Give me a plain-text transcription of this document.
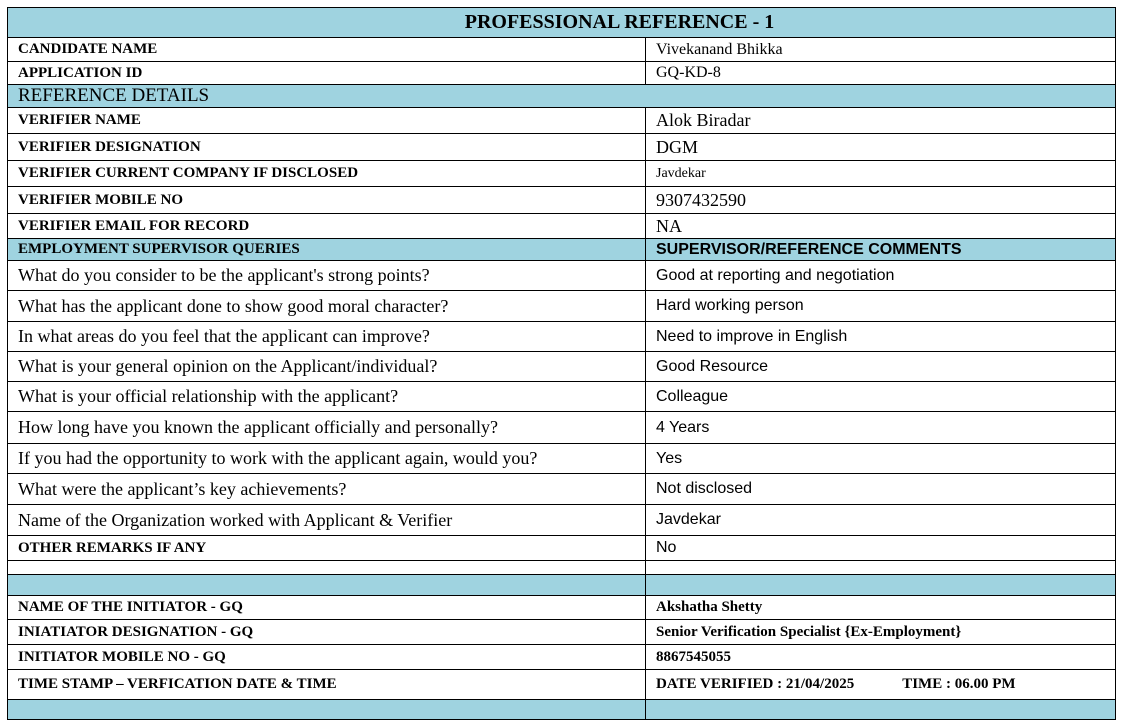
PROFESSIONAL REFERENCE - 1	
CANDIDATE NAME	Vivekanand Bhikka
APPLICATION ID	GQ-KD-8
REFERENCE DETAILS	
VERIFIER NAME	Alok Biradar
VERIFIER DESIGNATION	DGM
VERIFIER CURRENT COMPANY IF DISCLOSED	Javdekar
VERIFIER MOBILE NO	9307432590
VERIFIER EMAIL FOR RECORD	NA
EMPLOYMENT SUPERVISOR QUERIES	SUPERVISOR/REFERENCE COMMENTS
What do you consider to be the applicant's strong points?	Good at reporting and negotiation
What has the applicant done to show good moral character?	Hard working person
In what areas do you feel that the applicant can improve?	Need to improve in English
What is your general opinion on the Applicant/individual?	Good Resource
What is your official relationship with the applicant?	Colleague
How long have you known the applicant officially and personally?	4 Years
If you had the opportunity to work with the applicant again, would you?	Yes
What were the applicant’s key achievements?	Not disclosed
Name of the Organization worked with Applicant & Verifier	Javdekar
OTHER REMARKS IF ANY	No

NAME OF THE INITIATOR - GQ	Akshatha Shetty
INIATIATOR DESIGNATION - GQ	Senior Verification Specialist {Ex-Employment}
INITIATOR MOBILE NO - GQ	8867545055
TIME STAMP – VERFICATION DATE & TIME	DATE VERIFIED : 21/04/2025 TIME : 06.00 PM
